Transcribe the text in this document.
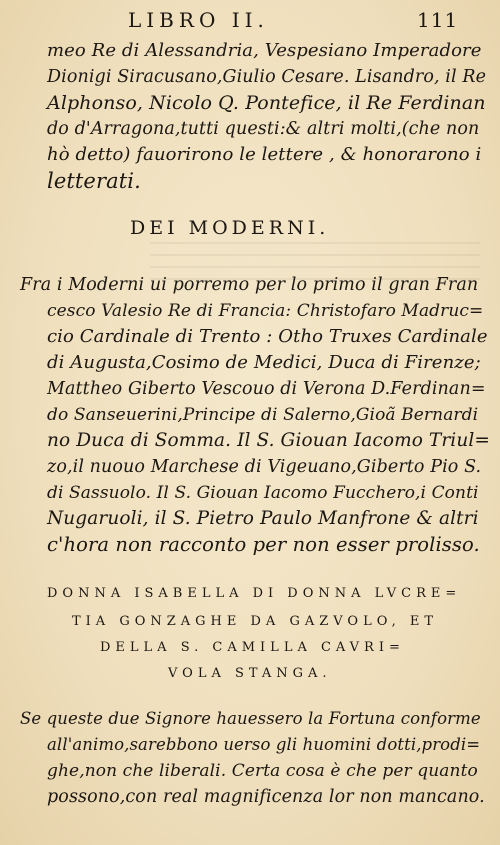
LIBRO II.	111
meo Re di Alessandria, Vespesiano Imperadore
Dionigi Siracusano,Giulio Cesare. Lisandro, il Re
Alphonso, Nicolo Q. Pontefice, il Re Ferdinan
do d'Arragona,tutti questi:& altri molti,(che non
hò detto) fauorirono le lettere , & honorarono i
letterati.
DEI MODERNI.
Fra i Moderni ui porremo per lo primo il gran Fran
cesco Valesio Re di Francia: Christofaro Madruc=
cio Cardinale di Trento : Otho Truxes Cardinale
di Augusta,Cosimo de Medici, Duca di Firenze;
Mattheo Giberto Vescouo di Verona D.Ferdinan=
do Sanseuerini,Principe di Salerno,Gioã Bernardi
no Duca di Somma. Il S. Giouan Iacomo Triul=
zo,il nuouo Marchese di Vigeuano,Giberto Pio S.
di Sassuolo. Il S. Giouan Iacomo Fucchero,i Conti
Nugaruoli, il S. Pietro Paulo Manfrone & altri
c'hora non racconto per non esser prolisso.
DONNA ISABELLA DI DONNA LVCRE=
TIA GONZAGHE DA GAZVOLO, ET
DELLA S. CAMILLA CAVRI=
VOLA STANGA.
Se queste due Signore hauessero la Fortuna conforme
all'animo,sarebbono uerso gli huomini dotti,prodi=
ghe,non che liberali. Certa cosa è che per quanto
possono,con real magnificenza lor non mancano.
